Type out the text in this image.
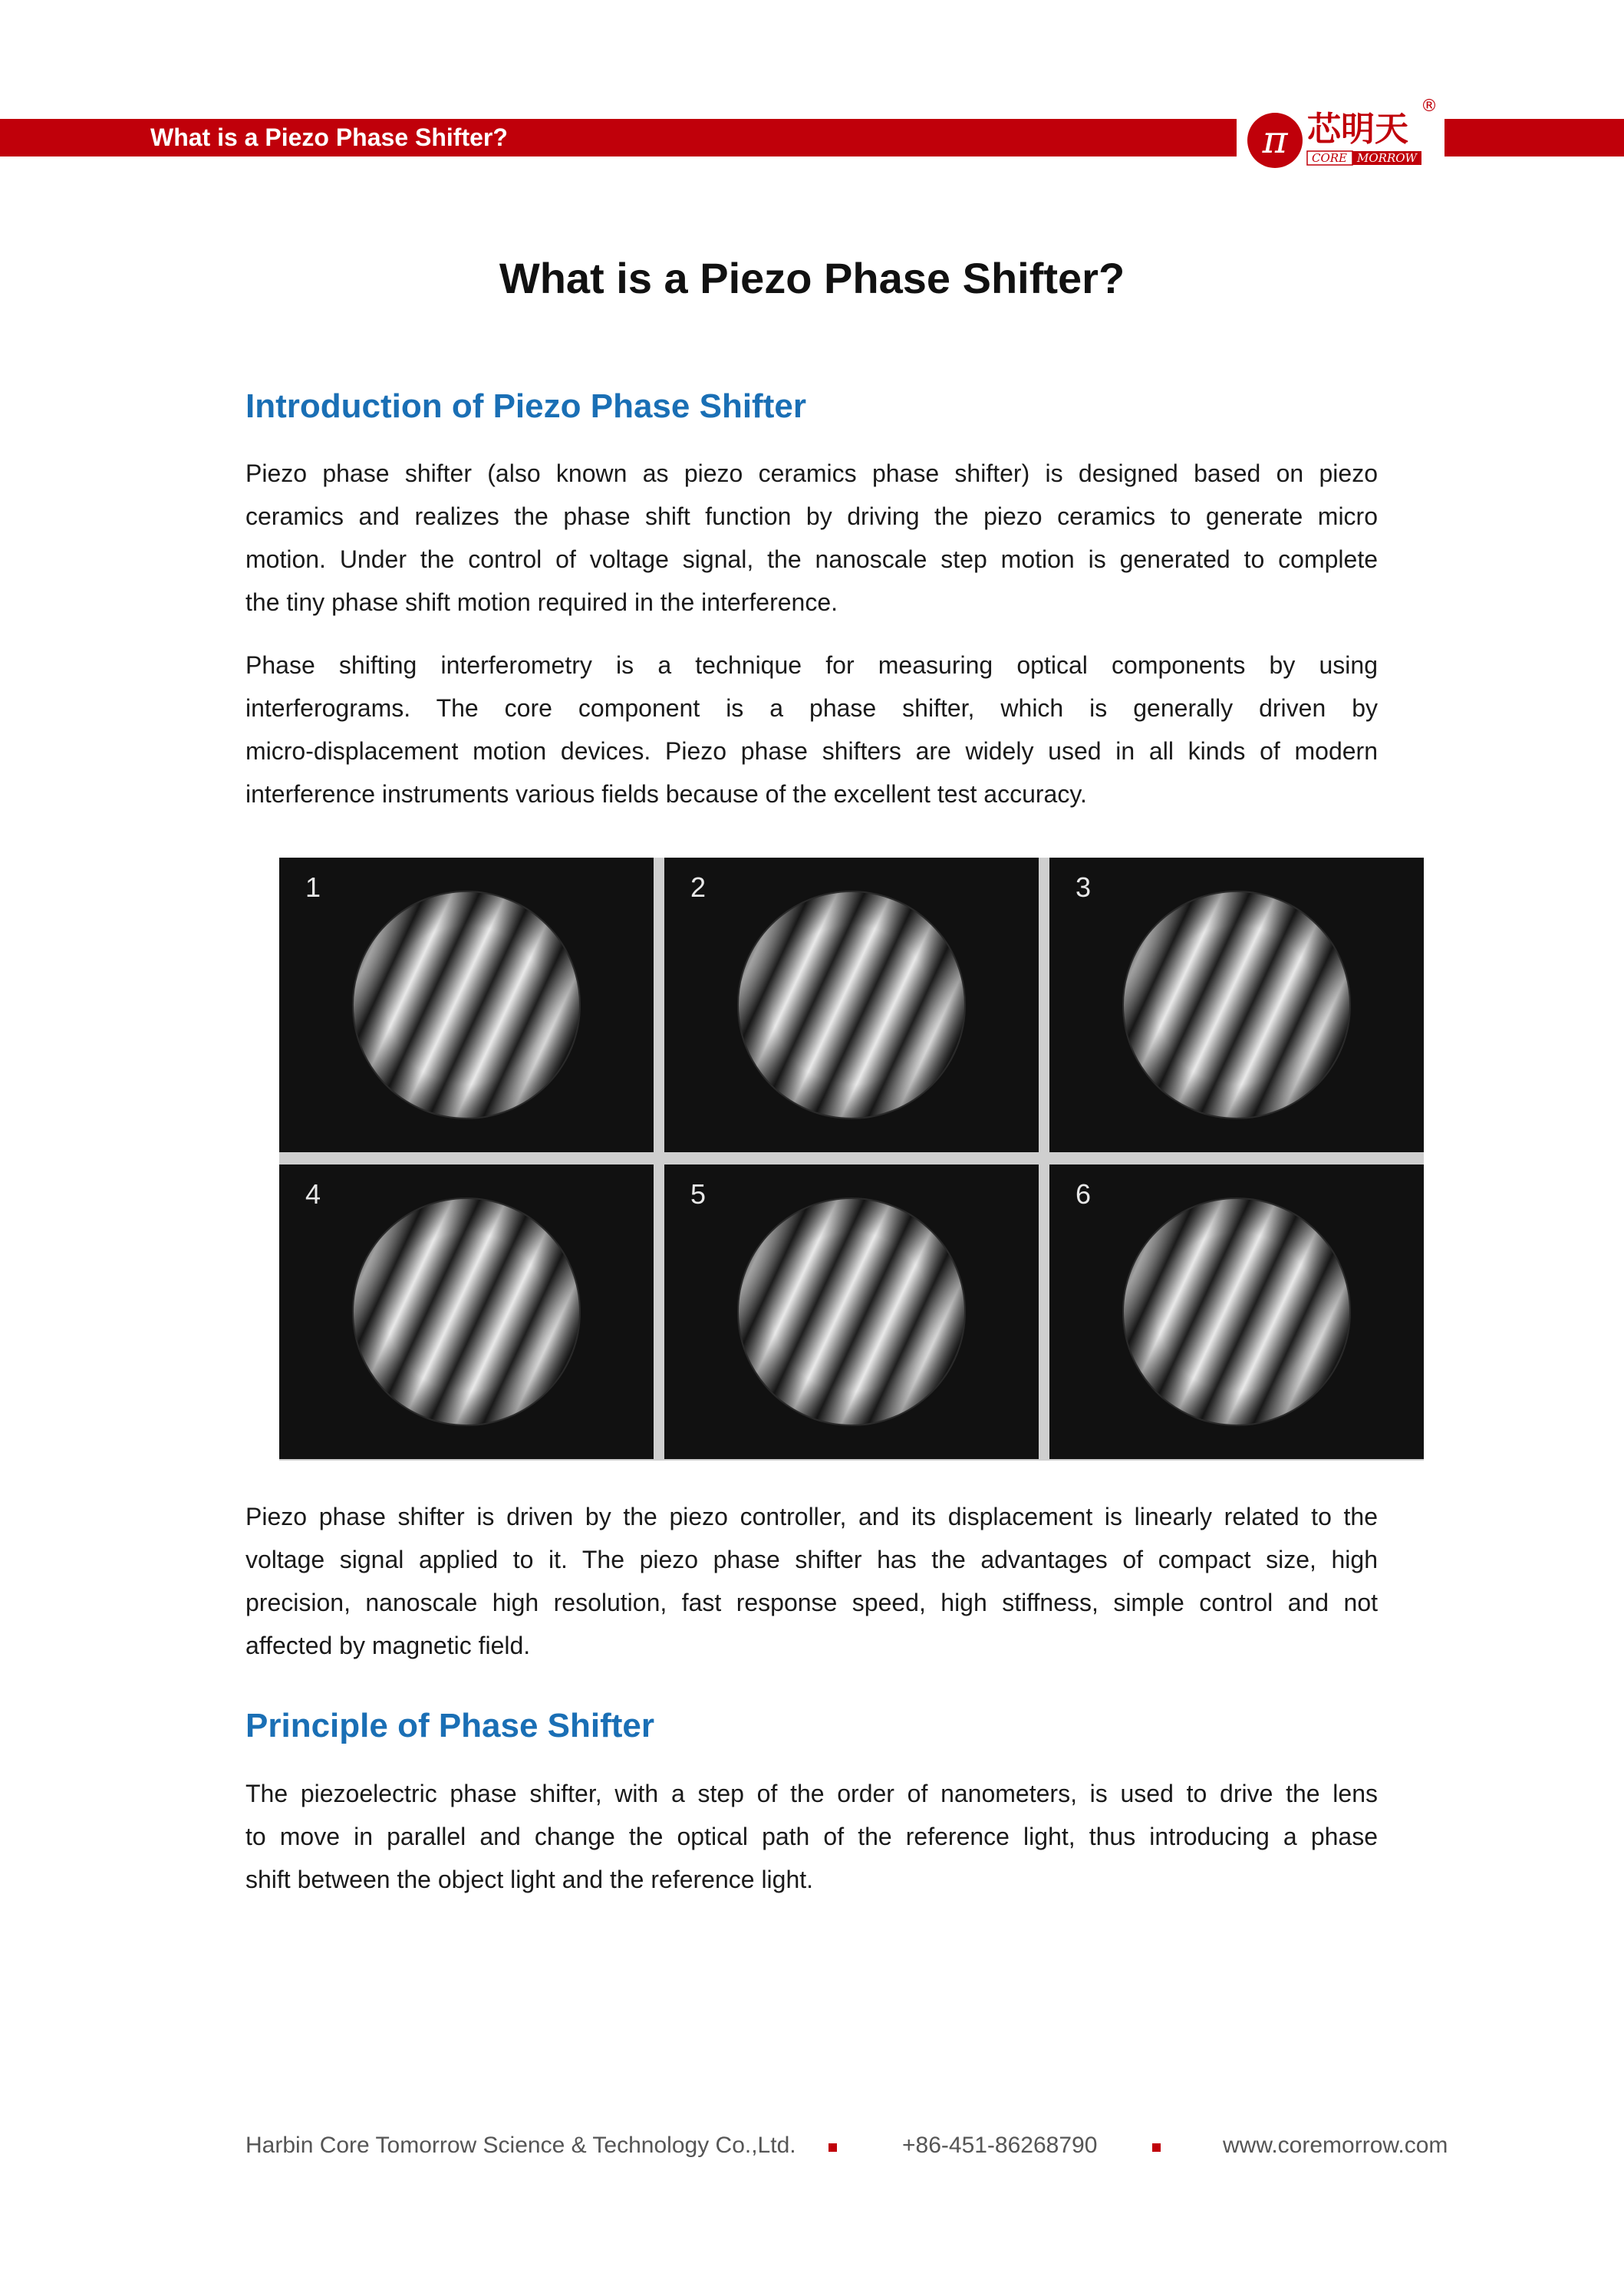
What is a Piezo Phase Shifter?	π 芯明天
®
CORE MORROW
What is a Piezo Phase Shifter?
Introduction of Piezo Phase Shifter
Piezo phase shifter (also known as piezo ceramics phase shifter) is designed based on piezo
ceramics and realizes the phase shift function by driving the piezo ceramics to generate micro
motion. Under the control of voltage signal, the nanoscale step motion is generated to complete
the tiny phase shift motion required in the interference.
Phase shifting interferometry is a technique for measuring optical components by using
interferograms. The core component is a phase shifter, which is generally driven by
micro-displacement motion devices. Piezo phase shifters are widely used in all kinds of modern
interference instruments various fields because of the excellent test accuracy.
1	2	3
4	5	6
Piezo phase shifter is driven by the piezo controller, and its displacement is linearly related to the
voltage signal applied to it. The piezo phase shifter has the advantages of compact size, high
precision, nanoscale high resolution, fast response speed, high stiffness, simple control and not
affected by magnetic field.
Principle of Phase Shifter
The piezoelectric phase shifter, with a step of the order of nanometers, is used to drive the lens
to move in parallel and change the optical path of the reference light, thus introducing a phase
shift between the object light and the reference light.
Harbin Core Tomorrow Science & Technology Co.,Ltd.	+86-451-86268790	www.coremorrow.com
